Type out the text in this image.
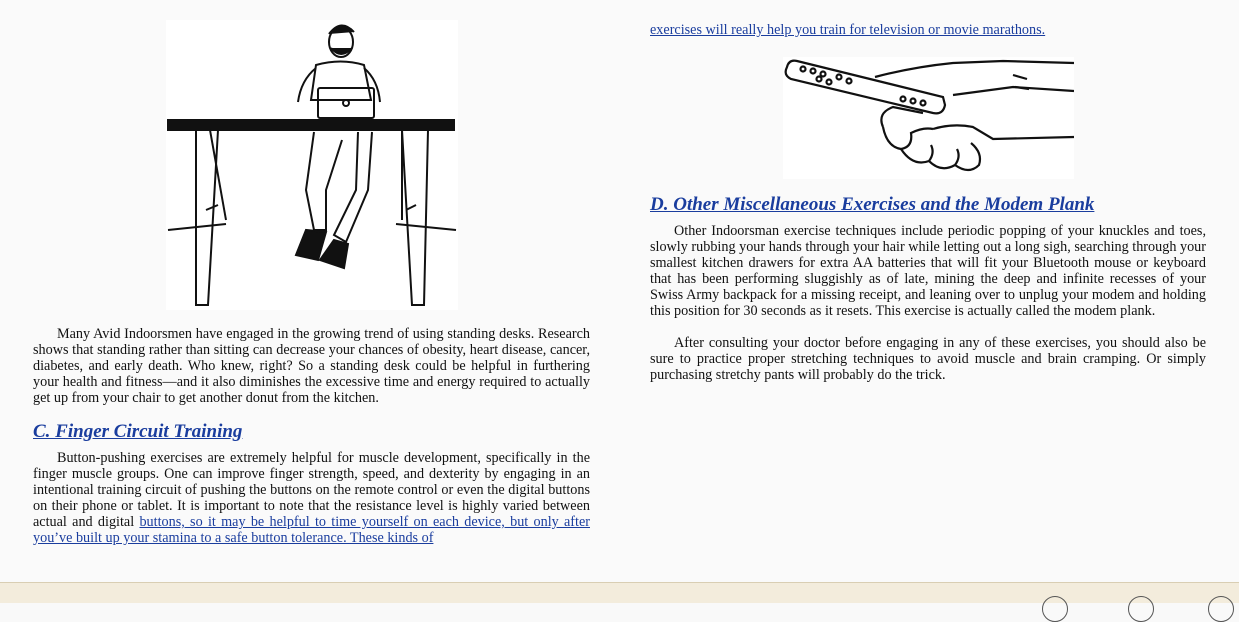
Many Avid Indoorsmen have engaged in the growing trend of using standing desks. Research shows that standing rather than sitting can decrease your chances of obesity, heart disease, cancer, diabetes, and early death. Who knew, right? So a standing desk could be helpful in furthering your health and fitness—and it also diminishes the excessive time and energy required to actually get up from your chair to get another donut from the kitchen.

C. Finger Circuit Training

Button-pushing exercises are extremely helpful for muscle development, specifically in the finger muscle groups. One can improve finger strength, speed, and dexterity by engaging in an intentional training circuit of pushing the buttons on the remote control or even the digital buttons on their phone or tablet. It is important to note that the resistance level is highly varied between actual and digital buttons, so it may be helpful to time yourself on each device, but only after you’ve built up your stamina to a safe button tolerance. These kinds of

exercises will really help you train for television or movie marathons.

D. Other Miscellaneous Exercises and the Modem Plank

Other Indoorsman exercise techniques include periodic popping of your knuckles and toes, slowly rubbing your hands through your hair while letting out a long sigh, searching through your smallest kitchen drawers for extra AA batteries that will fit your Bluetooth mouse or keyboard that has been performing sluggishly as of late, mining the deep and infinite recesses of your Swiss Army backpack for a missing receipt, and leaning over to unplug your modem and holding this position for 30 seconds as it resets. This exercise is actually called the modem plank.

After consulting your doctor before engaging in any of these exercises, you should also be sure to practice proper stretching techniques to avoid muscle and brain cramping. Or simply purchasing stretchy pants will probably do the trick.
